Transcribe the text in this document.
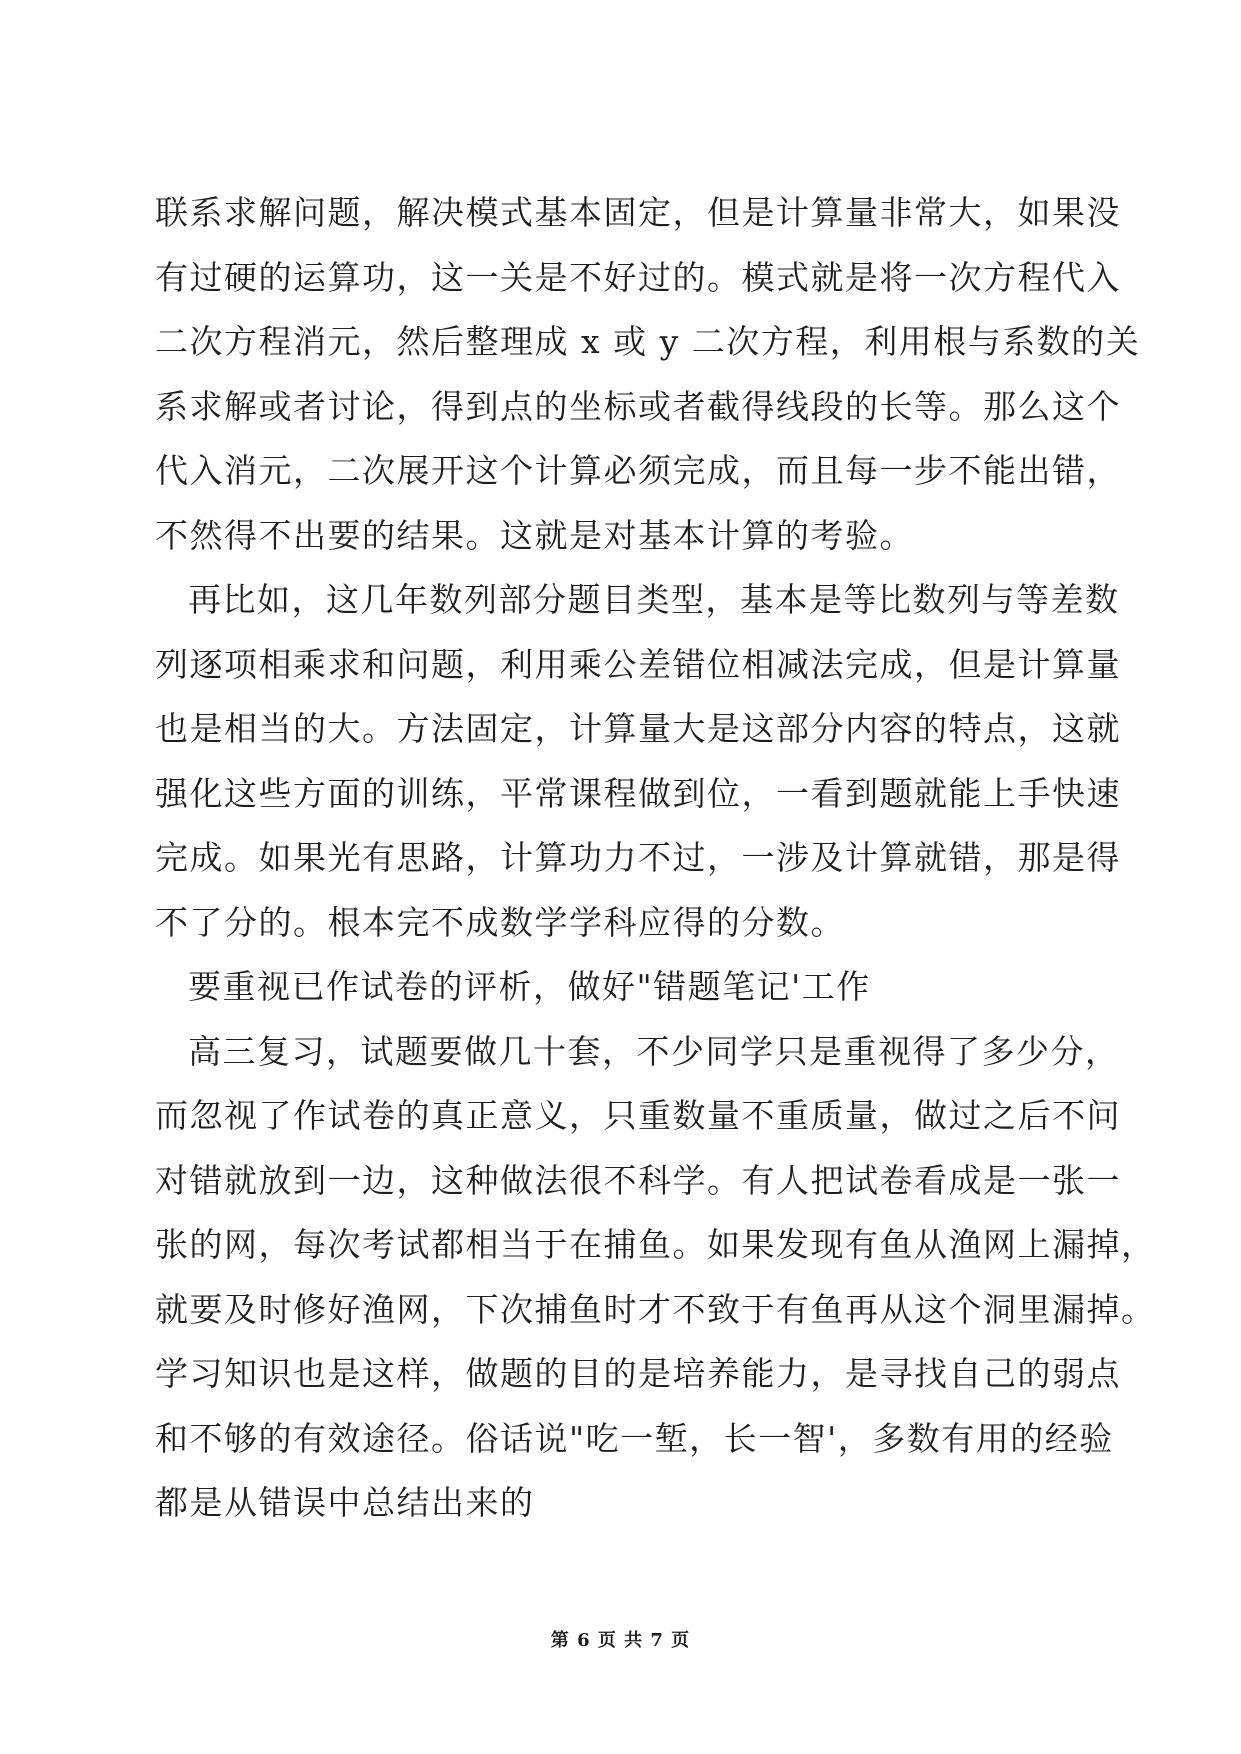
联系求解问题，解决模式基本固定，但是计算量非常大，如果没
有过硬的运算功，这一关是不好过的。模式就是将一次方程代入
二次方程消元，然后整理成 x 或 y 二次方程，利用根与系数的关
系求解或者讨论，得到点的坐标或者截得线段的长等。那么这个
代入消元，二次展开这个计算必须完成，而且每一步不能出错，
不然得不出要的结果。这就是对基本计算的考验。
再比如，这几年数列部分题目类型，基本是等比数列与等差数
列逐项相乘求和问题，利用乘公差错位相减法完成，但是计算量
也是相当的大。方法固定，计算量大是这部分内容的特点，这就
强化这些方面的训练，平常课程做到位，一看到题就能上手快速
完成。如果光有思路，计算功力不过，一涉及计算就错，那是得
不了分的。根本完不成数学学科应得的分数。
要重视已作试卷的评析，做好"错题笔记'工作
高三复习，试题要做几十套，不少同学只是重视得了多少分，
而忽视了作试卷的真正意义，只重数量不重质量，做过之后不问
对错就放到一边，这种做法很不科学。有人把试卷看成是一张一
张的网，每次考试都相当于在捕鱼。如果发现有鱼从渔网上漏掉，
就要及时修好渔网，下次捕鱼时才不致于有鱼再从这个洞里漏掉。
学习知识也是这样，做题的目的是培养能力，是寻找自己的弱点
和不够的有效途径。俗话说"吃一堑，长一智'，多数有用的经验
都是从错误中总结出来的
第 6 页 共 7 页
